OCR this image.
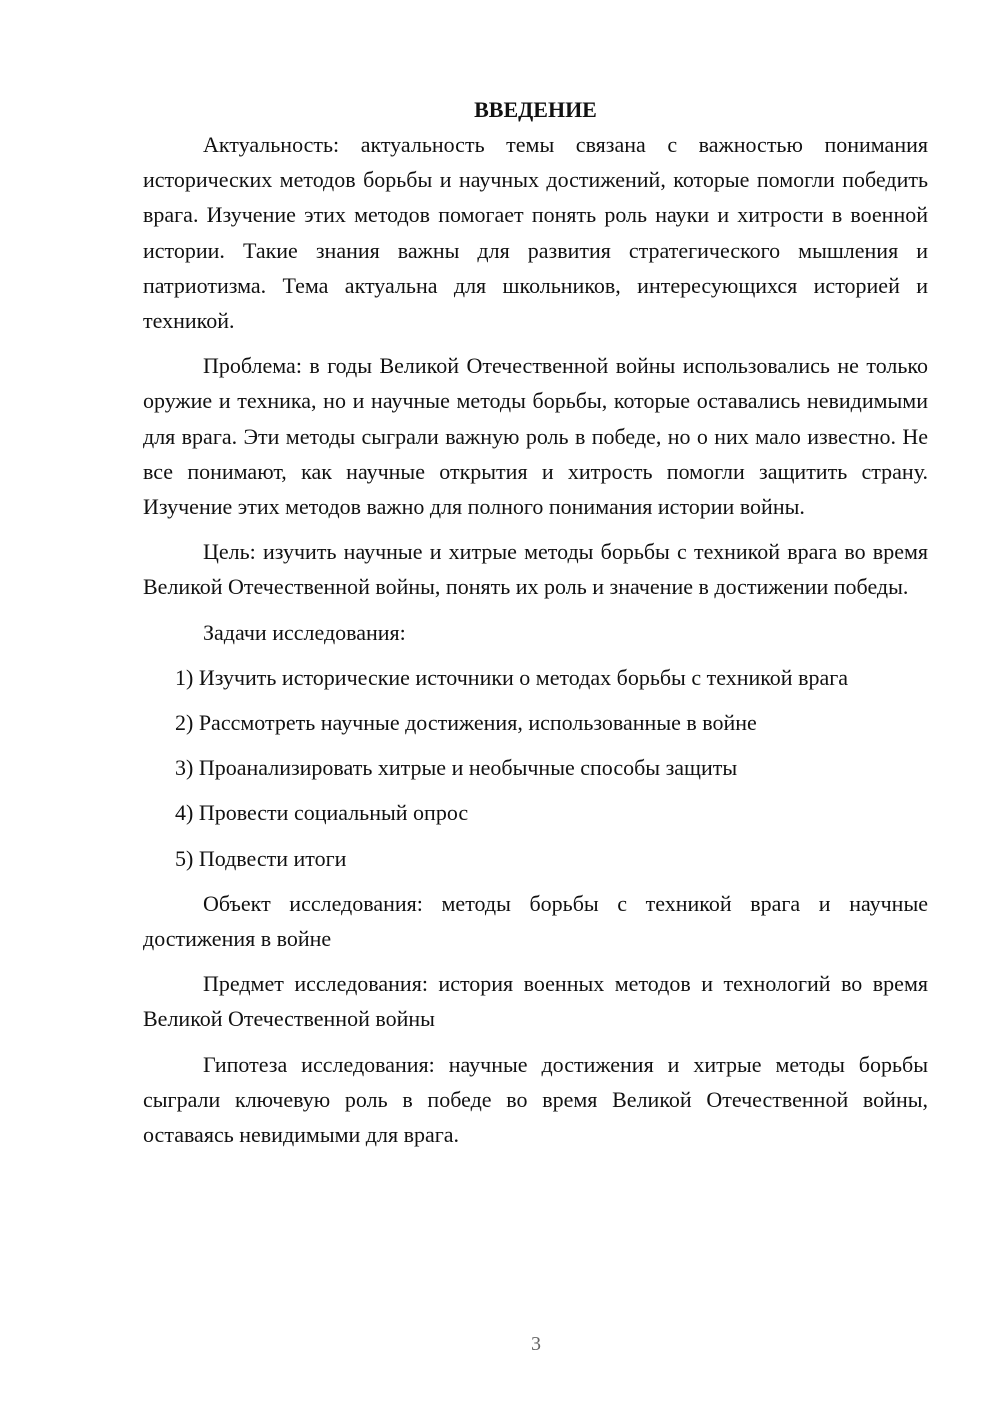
ВВЕДЕНИЕ

Актуальность: актуальность темы связана с важностью понимания исторических методов борьбы и научных достижений, которые помогли победить врага. Изучение этих методов помогает понять роль науки и хитрости в военной истории. Такие знания важны для развития стратегического мышления и патриотизма. Тема актуальна для школьников, интересующихся историей и техникой.

Проблема: в годы Великой Отечественной войны использовались не только оружие и техника, но и научные методы борьбы, которые оставались невидимыми для врага. Эти методы сыграли важную роль в победе, но о них мало известно. Не все понимают, как научные открытия и хитрость помогли защитить страну. Изучение этих методов важно для полного понимания истории войны.

Цель: изучить научные и хитрые методы борьбы с техникой врага во время Великой Отечественной войны, понять их роль и значение в достижении победы.

Задачи исследования:

1) Изучить исторические источники о методах борьбы с техникой врага

2) Рассмотреть научные достижения, использованные в войне

3) Проанализировать хитрые и необычные способы защиты

4) Провести социальный опрос

5) Подвести итоги

Объект исследования: методы борьбы с техникой врага и научные достижения в войне

Предмет исследования: история военных методов и технологий во время Великой Отечественной войны

Гипотеза исследования: научные достижения и хитрые методы борьбы сыграли ключевую роль в победе во время Великой Отечественной войны, оставаясь невидимыми для врага.

3
